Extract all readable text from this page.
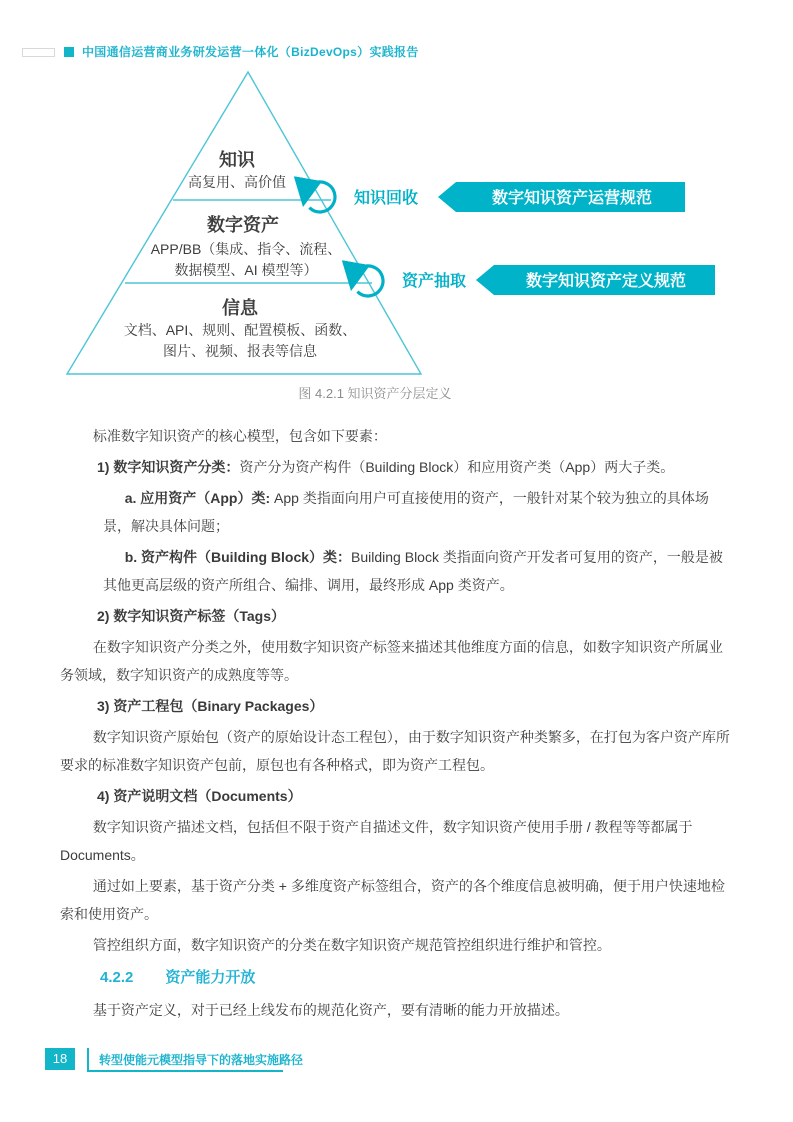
中国通信运营商业务研发运营一体化（BizDevOps）实践报告
知识
高复用、高价值
数字资产
APP/BB（集成、指令、流程、
数据模型、AI 模型等）
信息
文档、API、规则、配置模板、函数、
图片、视频、报表等信息
知识回收
资产抽取
数字知识资产运营规范
数字知识资产定义规范
图 4.2.1 知识资产分层定义

标准数字知识资产的核心模型，包含如下要素：

1) 数字知识资产分类：资产分为资产构件（Building Block）和应用资产类（App）两大子类。

a. 应用资产（App）类: App 类指面向用户可直接使用的资产，一般针对某个较为独立的具体场景，解决具体问题；

b. 资产构件（Building Block）类：Building Block 类指面向资产开发者可复用的资产，一般是被其他更高层级的资产所组合、编排、调用，最终形成 App 类资产。

2) 数字知识资产标签（Tags）

在数字知识资产分类之外，使用数字知识资产标签来描述其他维度方面的信息，如数字知识资产所属业务领域，数字知识资产的成熟度等等。

3) 资产工程包（Binary Packages）

数字知识资产原始包（资产的原始设计态工程包），由于数字知识资产种类繁多，在打包为客户资产库所要求的标准数字知识资产包前，原包也有各种格式，即为资产工程包。

4) 资产说明文档（Documents）

数字知识资产描述文档，包括但不限于资产自描述文件，数字知识资产使用手册 / 教程等等都属于 Documents。

通过如上要素，基于资产分类 + 多维度资产标签组合，资产的各个维度信息被明确，便于用户快速地检索和使用资产。

管控组织方面，数字知识资产的分类在数字知识资产规范管控组织进行维护和管控。

4.2.2 资产能力开放

基于资产定义，对于已经上线发布的规范化资产，要有清晰的能力开放描述。

18	转型使能元模型指导下的落地实施路径
